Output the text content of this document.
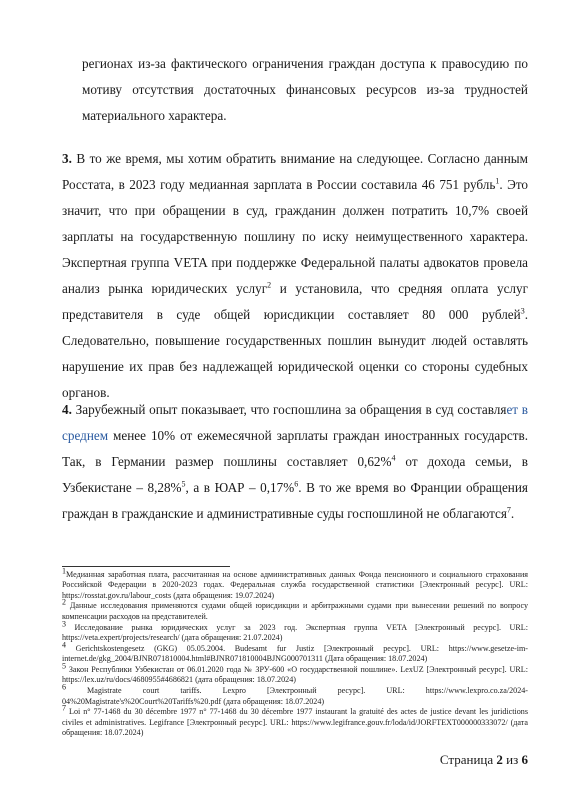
регионах из-за фактического ограничения граждан доступа к правосудию по мотиву отсутствия достаточных финансовых ресурсов из-за трудностей материального характера.

3. В то же время, мы хотим обратить внимание на следующее. Согласно данным Росстата, в 2023 году медианная зарплата в России составила 46 751 рубль$^1$. Это значит, что при обращении в суд, гражданин должен потратить 10,7% своей зарплаты на государственную пошлину по иску неимущественного характера. Экспертная группа VETA при поддержке Федеральной палаты адвокатов провела анализ рынка юридических услуг$^2$ и установила, что средняя оплата услуг представителя в суде общей юрисдикции составляет 80 000 рублей$^3$. Следовательно, повышение государственных пошлин вынудит людей оставлять нарушение их прав без надлежащей юридической оценки со стороны судебных органов.

4. Зарубежный опыт показывает, что госпошлина за обращения в суд составляет в среднем менее 10% от ежемесячной зарплаты граждан иностранных государств. Так, в Германии размер пошлины составляет 0,62%$^4$ от дохода семьи, в Узбекистане – 8,28%$^5$, а в ЮАР – 0,17%$^6$. В то же время во Франции обращения граждан в гражданские и административные суды госпошлиной не облагаются$^7$.

$^1$Медианная заработная плата, рассчитанная на основе административных данных Фонда пенсионного и социального страхования Российской Федерации в 2020-2023 годах. Федеральная служба государственной статистики [Электронный ресурс]. URL: https://rosstat.gov.ru/labour_costs (дата обращения: 19.07.2024)

$^2$ Данные исследования применяются судами общей юрисдикции и арбитражными судами при вынесении решений по вопросу компенсации расходов на представителей.

$^3$ Исследование рынка юридических услуг за 2023 год. Экспертная группа VETA [Электронный ресурс]. URL: https://veta.expert/projects/research/ (дата обращения: 21.07.2024)

$^4$ Gerichtskostengesetz (GKG) 05.05.2004. Budesamt fur Justiz [Электронный ресурс]. URL: https://www.gesetze-im-internet.de/gkg_2004/BJNR071810004.html#BJNR071810004BJNG000701311 (Дата обращения: 18.07.2024)

$^5$ Закон Республики Узбекистан от 06.01.2020 года № ЗРУ-600 «О государственной пошлине». LexUZ [Электронный ресурс]. URL: https://lex.uz/ru/docs/4680955#4686821 (дата обращения: 18.07.2024)

$^6$ Magistrate court tariffs. Lexpro [Электронный ресурс]. URL: https://www.lexpro.co.za/2024-04%20Magistrate's%20Court%20Tariffs%20.pdf (дата обращения: 18.07.2024)

$^7$ Loi n° 77-1468 du 30 décembre 1977 n° 77-1468 du 30 décembre 1977 instaurant la gratuité des actes de justice devant les juridictions civiles et administratives. Legifrance [Электронный ресурс]. URL: https://www.legifrance.gouv.fr/loda/id/JORFTEXT000000333072/ (дата обращения: 18.07.2024)

Страница 2 из 6
